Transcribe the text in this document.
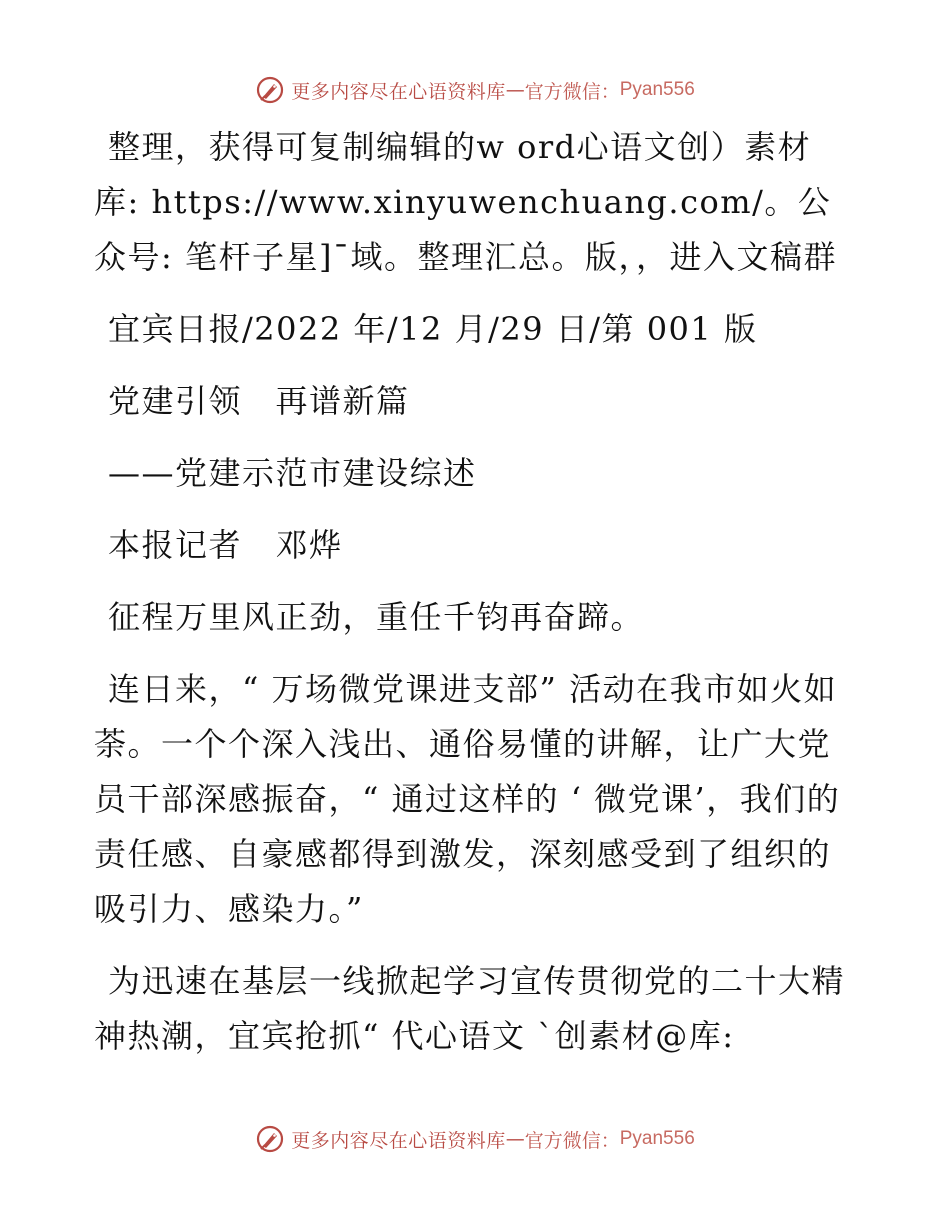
更多内容尽在心语资料库 — 官方微信： Pyan556

整理，获得可复制编辑的w ord心语文创）素材库: https://www.xinyuwenchuang.com/。公众号: 笔杆子星]¯域。整理汇总。版，，进入文稿群

宜宾日报/2022 年/12 月/29 日/第 001 版

党建引领　再谱新篇

——党建示范市建设综述

本报记者　邓烨

征程万里风正劲，重任千钧再奋蹄。

连日来，“ 万场微党课进支部” 活动在我市如火如荼。一个个深入浅出、通俗易懂的讲解，让广大党员干部深感振奋，“ 通过这样的 ‘ 微党课’，我们的责任感、自豪感都得到激发，深刻感受到了组织的吸引力、感染力。”

为迅速在基层一线掀起学习宣传贯彻党的二十大精神热潮，宜宾抢抓“ 代心语文 ˋ创素材@库:

更多内容尽在心语资料库 — 官方微信： Pyan556
